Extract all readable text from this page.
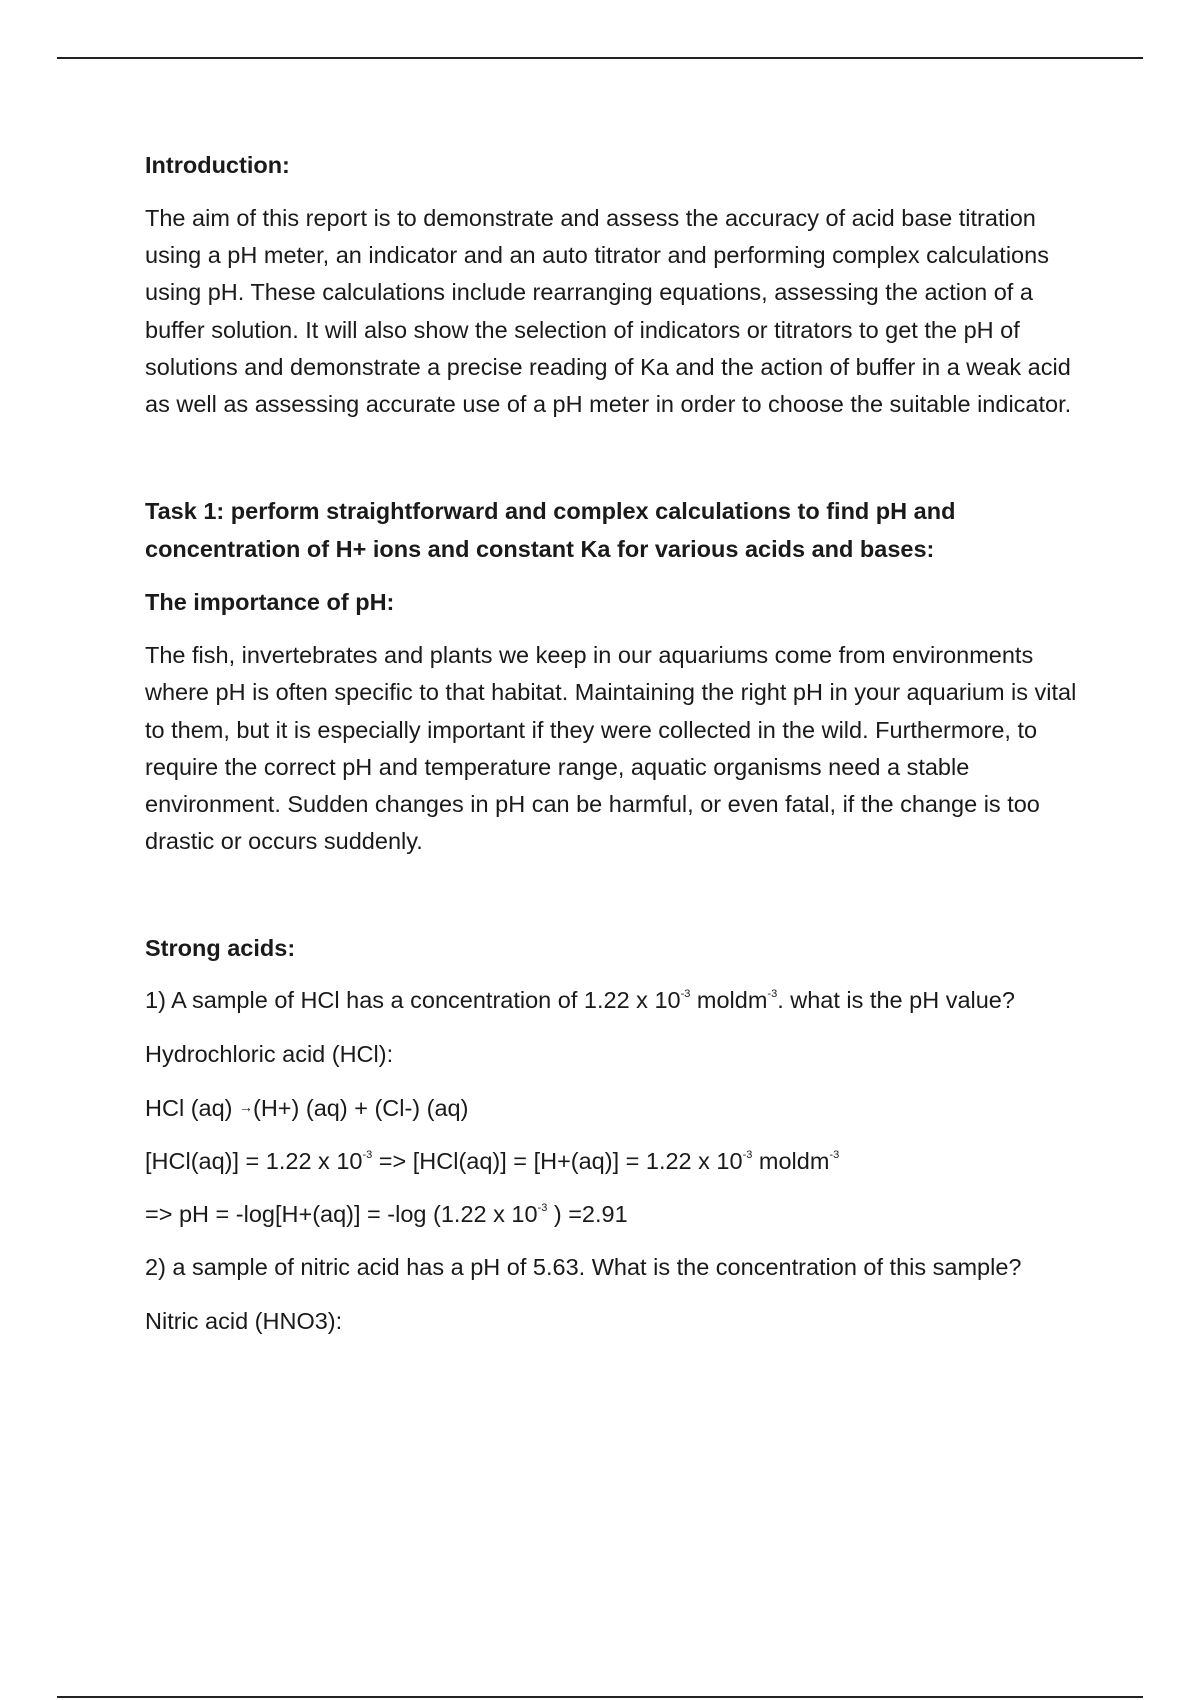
Introduction:

The aim of this report is to demonstrate and assess the accuracy of acid base titration using a pH meter, an indicator and an auto titrator and performing complex calculations using pH. These calculations include rearranging equations, assessing the action of a buffer solution. It will also show the selection of indicators or titrators to get the pH of solutions and demonstrate a precise reading of Ka and the action of buffer in a weak acid as well as assessing accurate use of a pH meter in order to choose the suitable indicator.

Task 1: perform straightforward and complex calculations to find pH and concentration of H+ ions and constant Ka for various acids and bases:

The importance of pH:

The fish, invertebrates and plants we keep in our aquariums come from environments where pH is often specific to that habitat. Maintaining the right pH in your aquarium is vital to them, but it is especially important if they were collected in the wild. Furthermore, to require the correct pH and temperature range, aquatic organisms need a stable environment. Sudden changes in pH can be harmful, or even fatal, if the change is too drastic or occurs suddenly.

Strong acids:

1) A sample of HCl has a concentration of 1.22 x $10^{-3}$ moldm$^{-3}$. what is the pH value?

Hydrochloric acid (HCl):

HCl (aq) →(H+) (aq) + (Cl-) (aq)

[HCl(aq)] = 1.22 x $10^{-3} => [HCl(aq)] = [H+(aq)] = 1.22$ x $10^{-3}$ moldm$^{-3}$

=> pH = -log[H+(aq)] = -log (1.22 x $10^{-3}$ ) =2.91

2) a sample of nitric acid has a pH of 5.63. What is the concentration of this sample?

Nitric acid (HNO3):
